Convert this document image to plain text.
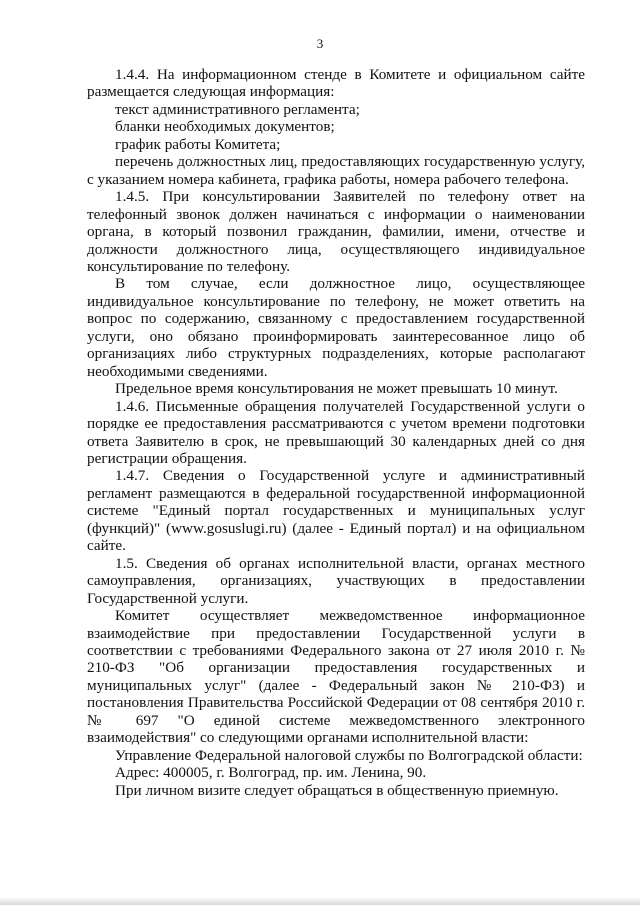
3

1.4.4. На информационном стенде в Комитете и официальном сайте размещается следующая информация:

текст административного регламента;

бланки необходимых документов;

график работы Комитета;

перечень должностных лиц, предоставляющих государственную услугу, с указанием номера кабинета, графика работы, номера рабочего телефона.

1.4.5. При консультировании Заявителей по телефону ответ на телефонный звонок должен начинаться с информации о наименовании органа, в который позвонил гражданин, фамилии, имени, отчестве и должности должностного лица, осуществляющего индивидуальное консультирование по телефону.

В том случае, если должностное лицо, осуществляющее индивидуальное консультирование по телефону, не может ответить на вопрос по содержанию, связанному с предоставлением государственной услуги, оно обязано проинформировать заинтересованное лицо об организациях либо структурных подразделениях, которые располагают необходимыми сведениями.

Предельное время консультирования не может превышать 10 минут.

1.4.6. Письменные обращения получателей Государственной услуги о порядке ее предоставления рассматриваются с учетом времени подготовки ответа Заявителю в срок, не превышающий 30 календарных дней со дня регистрации обращения.

1.4.7. Сведения о Государственной услуге и административный регламент размещаются в федеральной государственной информационной системе "Единый портал государственных и муниципальных услуг (функций)" (www.gosuslugi.ru) (далее - Единый портал) и на официальном сайте.

1.5. Сведения об органах исполнительной власти, органах местного самоуправления, организациях, участвующих в предоставлении Государственной услуги.

Комитет осуществляет межведомственное информационное взаимодействие при предоставлении Государственной услуги в соответствии с требованиями Федерального закона от 27 июля 2010 г. № 210-ФЗ "Об организации предоставления государственных и муниципальных услуг" (далее - Федеральный закон № 210-ФЗ) и постановления Правительства Российской Федерации от 08 сентября 2010 г. № 697 "О единой системе межведомственного электронного взаимодействия" со следующими органами исполнительной власти:

Управление Федеральной налоговой службы по Волгоградской области:

Адрес: 400005, г. Волгоград, пр. им. Ленина, 90.

При личном визите следует обращаться в общественную приемную.
